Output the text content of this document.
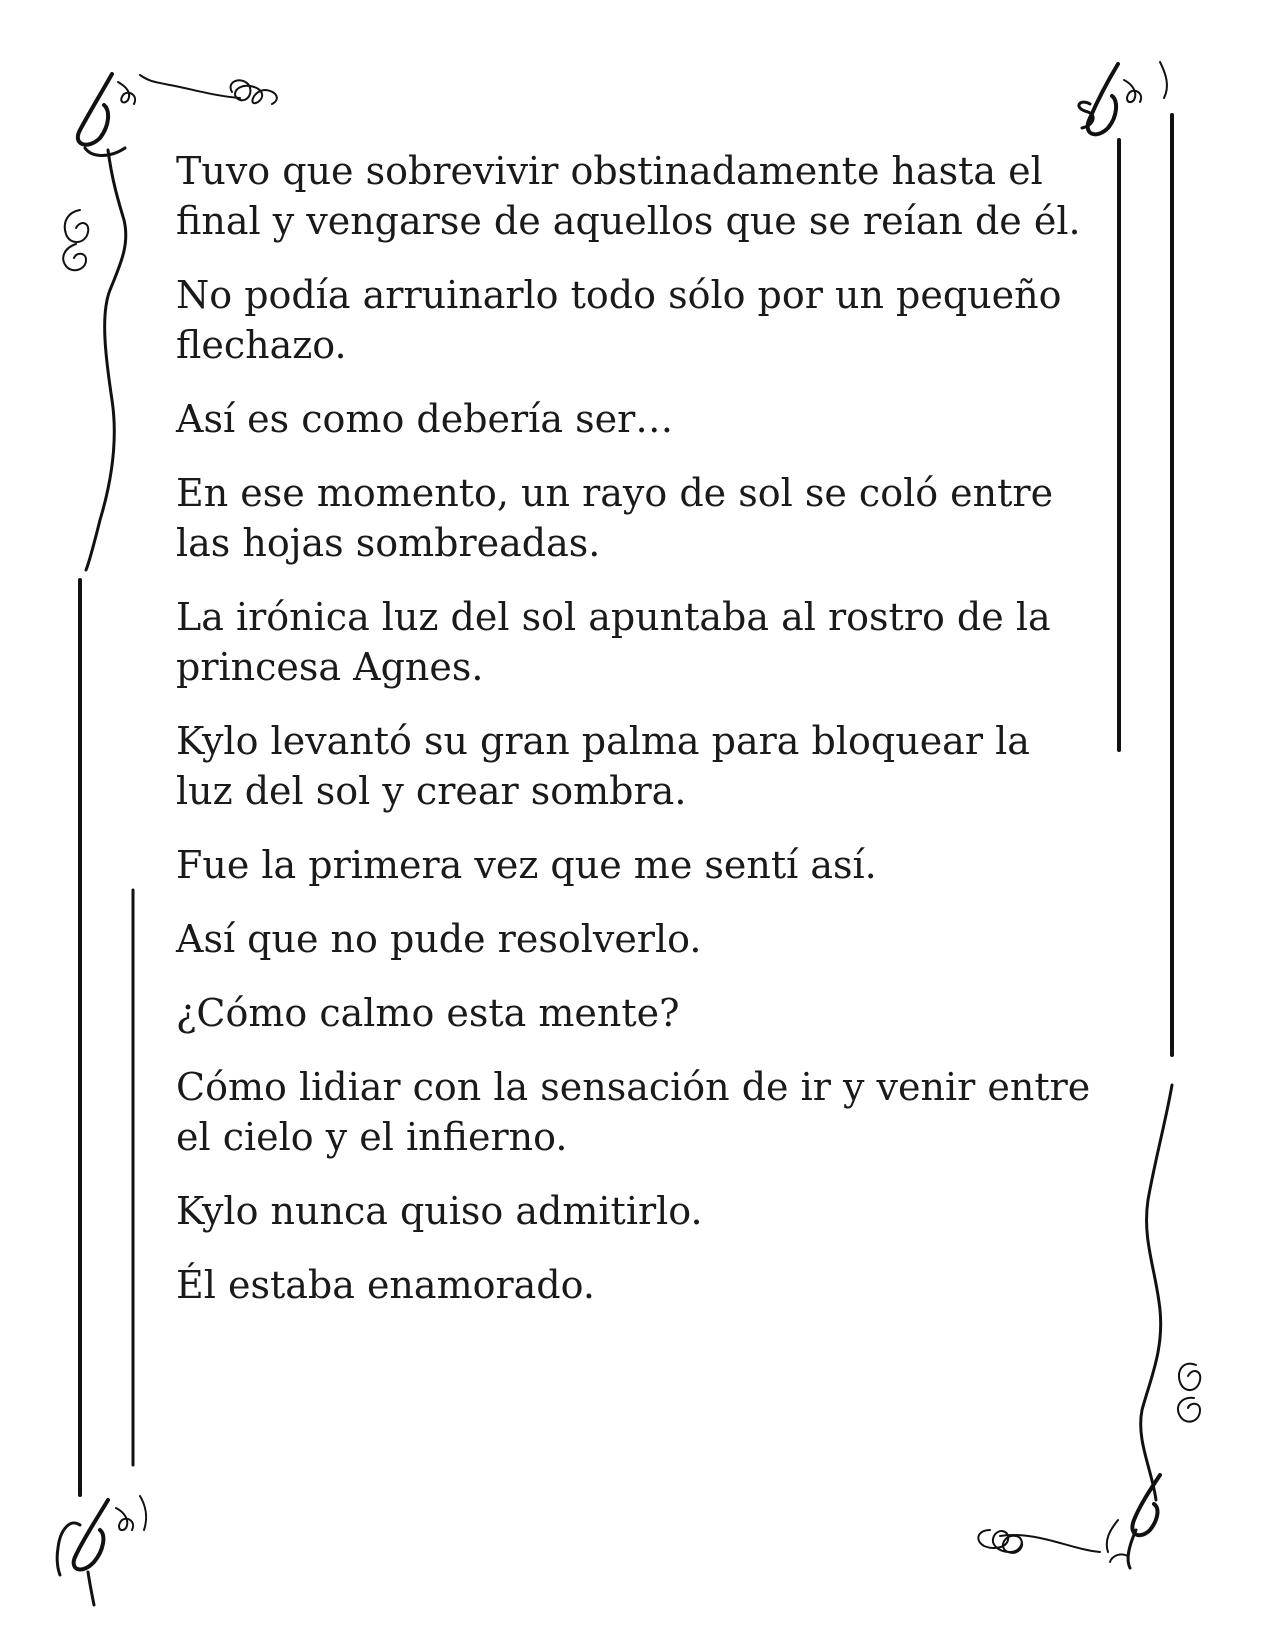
Tuvo que sobrevivir obstinadamente hasta el
final y vengarse de aquellos que se reían de él.

No podía arruinarlo todo sólo por un pequeño
flechazo.

Así es como debería ser…

En ese momento, un rayo de sol se coló entre
las hojas sombreadas.

La irónica luz del sol apuntaba al rostro de la
princesa Agnes.

Kylo levantó su gran palma para bloquear la
luz del sol y crear sombra.

Fue la primera vez que me sentí así.

Así que no pude resolverlo.

¿Cómo calmo esta mente?

Cómo lidiar con la sensación de ir y venir entre
el cielo y el infierno.

Kylo nunca quiso admitirlo.

Él estaba enamorado.
